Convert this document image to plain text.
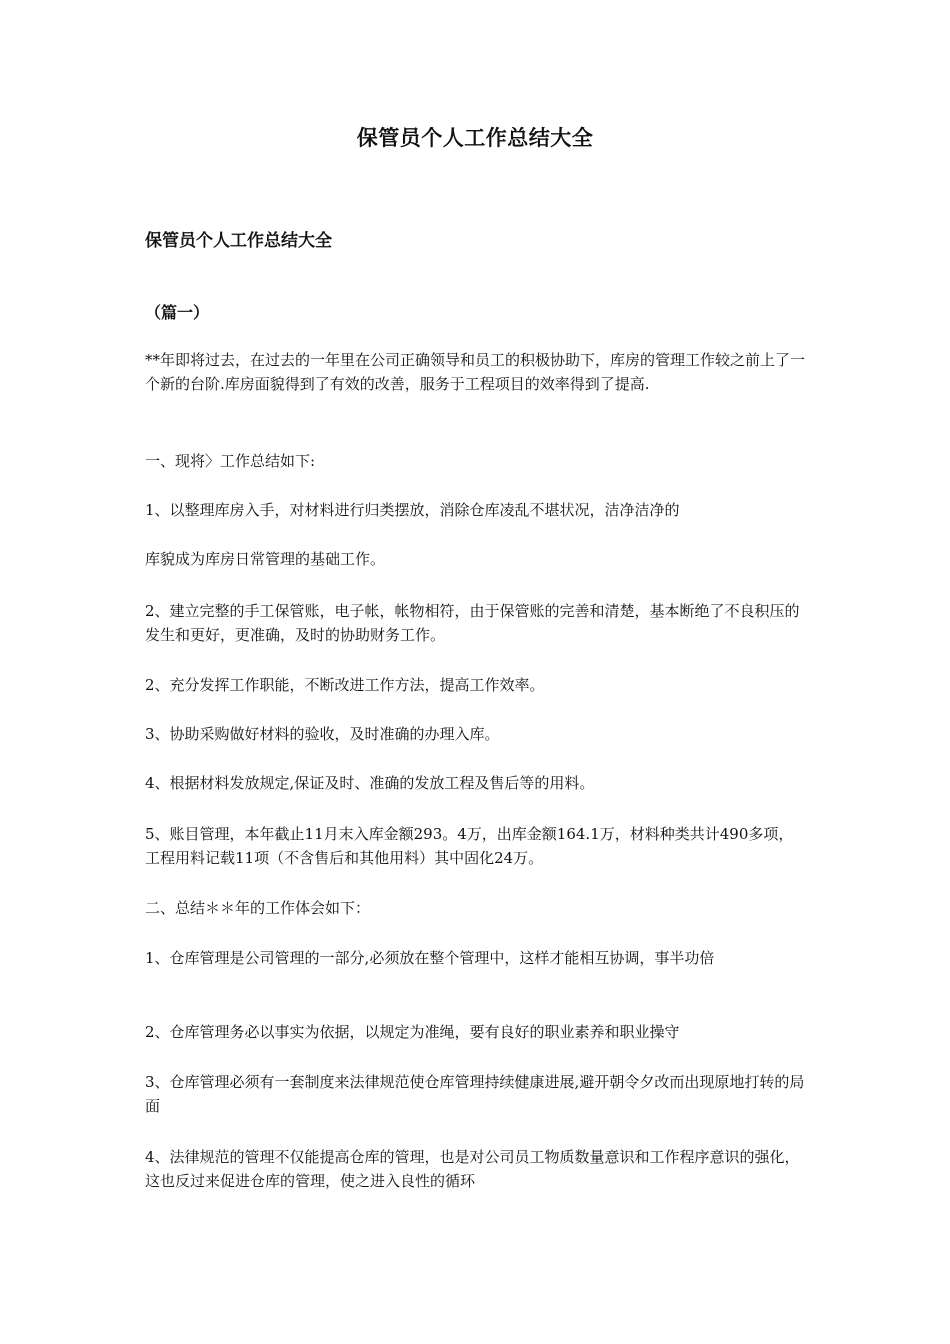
保管员个人工作总结大全
保管员个人工作总结大全
（篇一）

**年即将过去，在过去的一年里在公司正确领导和员工的积极协助下，库房的管理工作较之前上了一个新的台阶.库房面貌得到了有效的改善，服务于工程项目的效率得到了提高.

一、现将〉工作总结如下:

1、以整理库房入手，对材料进行归类摆放，消除仓库凌乱不堪状况，洁净洁净的

库貌成为库房日常管理的基础工作。

2、建立完整的手工保管账，电子帐，帐物相符，由于保管账的完善和清楚，基本断绝了不良积压的发生和更好，更准确，及时的协助财务工作。

2、充分发挥工作职能，不断改进工作方法，提高工作效率。

3、协助采购做好材料的验收，及时准确的办理入库。

4、根据材料发放规定,保证及时、准确的发放工程及售后等的用料。

5、账目管理，本年截止11月末入库金额293。4万，出库金额164.1万，材料种类共计490多项，工程用料记载11项（不含售后和其他用料）其中固化24万。

二、总结＊＊年的工作体会如下：

1、仓库管理是公司管理的一部分,必须放在整个管理中，这样才能相互协调，事半功倍

2、仓库管理务必以事实为依据，以规定为准绳，要有良好的职业素养和职业操守

3、仓库管理必须有一套制度来法律规范使仓库管理持续健康进展,避开朝令夕改而出现原地打转的局面

4、法律规范的管理不仅能提高仓库的管理，也是对公司员工物质数量意识和工作程序意识的强化，这也反过来促进仓库的管理，使之进入良性的循环
